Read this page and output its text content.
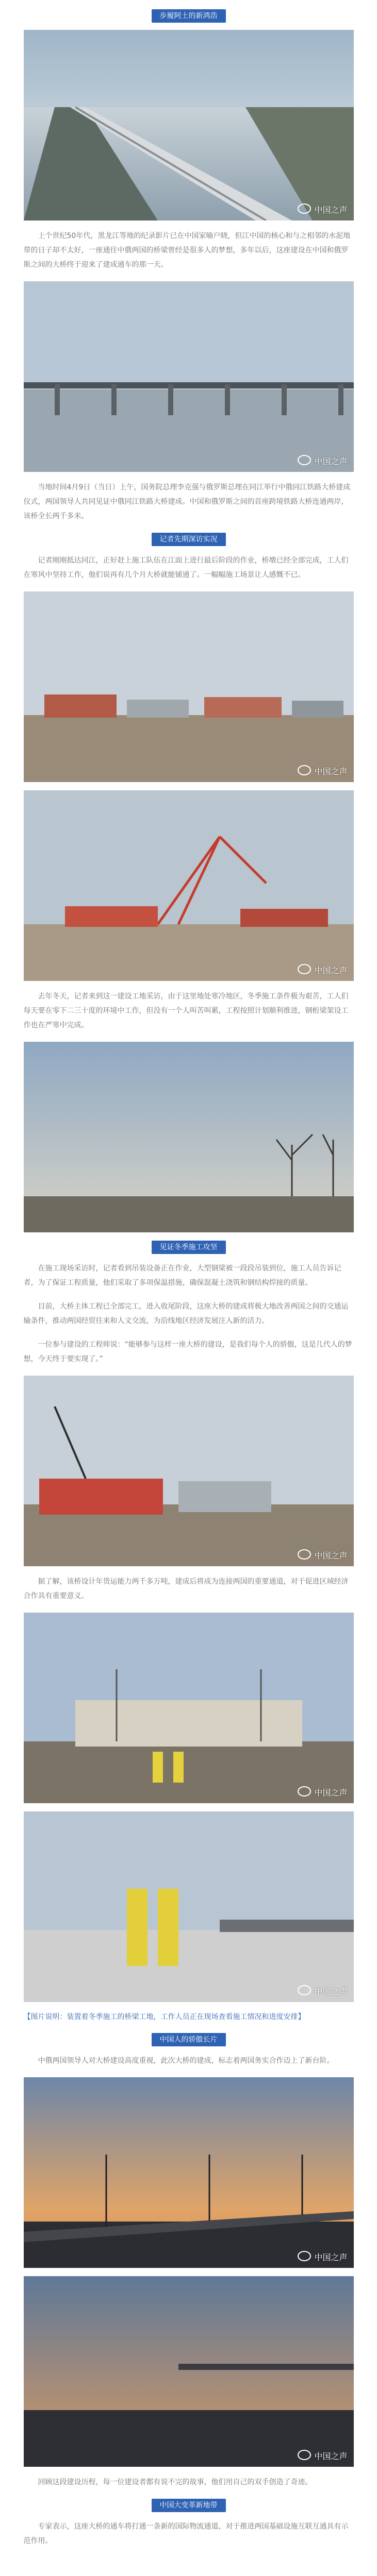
步履阿土的新鸿浩
中国之声

上个世纪50年代，黑龙江等地的纪录影片已在中国家喻户晓，但江中国的核心和与之相邻的水泥地带的日子却不太好，一座通往中俄两国的桥梁曾经是很多人的梦想，多年以后，这座建设在中国和俄罗斯之间的大桥终于迎来了建成通车的那一天。

中国之声

当地时间4月9日（当日）上午，国务院总理李克强与俄罗斯总理在同江举行中俄同江铁路大桥建成仪式，两国领导人共同见证中俄同江铁路大桥建成。中国和俄罗斯之间的首座跨境铁路大桥连通两岸，该桥全长两千多米。

记者先期深访实况

记者刚刚抵达同江，正好赶上施工队伍在江面上进行最后阶段的作业，桥墩已经全部完成，工人们在寒风中坚持工作，他们说再有几个月大桥就能铺通了。一幅幅施工场景让人感慨不已。

中国之声
中国之声

去年冬天，记者来到这一建设工地采访，由于这里地处寒冷地区，冬季施工条件极为艰苦，工人们每天要在零下二三十度的环境中工作，但没有一个人叫苦叫累，工程按照计划顺利推进，钢桁梁架设工作也在严寒中完成。

见证冬季施工攻坚

在施工现场采访时，记者看到吊装设备正在作业，大型钢梁被一段段吊装到位，施工人员告诉记者，为了保证工程质量，他们采取了多项保温措施，确保混凝土浇筑和钢结构焊接的质量。

目前，大桥主体工程已全部完工，进入收尾阶段，这座大桥的建成将极大地改善两国之间的交通运输条件，推动两国经贸往来和人文交流，为沿线地区经济发展注入新的活力。

一位参与建设的工程师说：“能够参与这样一座大桥的建设，是我们每个人的骄傲，这是几代人的梦想，今天终于要实现了。”

中国之声

据了解，该桥设计年货运能力两千多万吨，建成后将成为连接两国的重要通道，对于促进区域经济合作具有重要意义。

中国之声
中国之声

【图片说明：装置着冬季施工的桥梁工地，工作人员正在现场查看施工情况和进度安排】

中国人的骄傲长片

中俄两国领导人对大桥建设高度重视，此次大桥的建成，标志着两国务实合作迈上了新台阶。

中国之声
中国之声

回顾这段建设历程，每一位建设者都有说不完的故事，他们用自己的双手创造了奇迹。

中国大变革新地带

专家表示，这座大桥的通车将打通一条新的国际物流通道，对于推进两国基础设施互联互通具有示范作用。
